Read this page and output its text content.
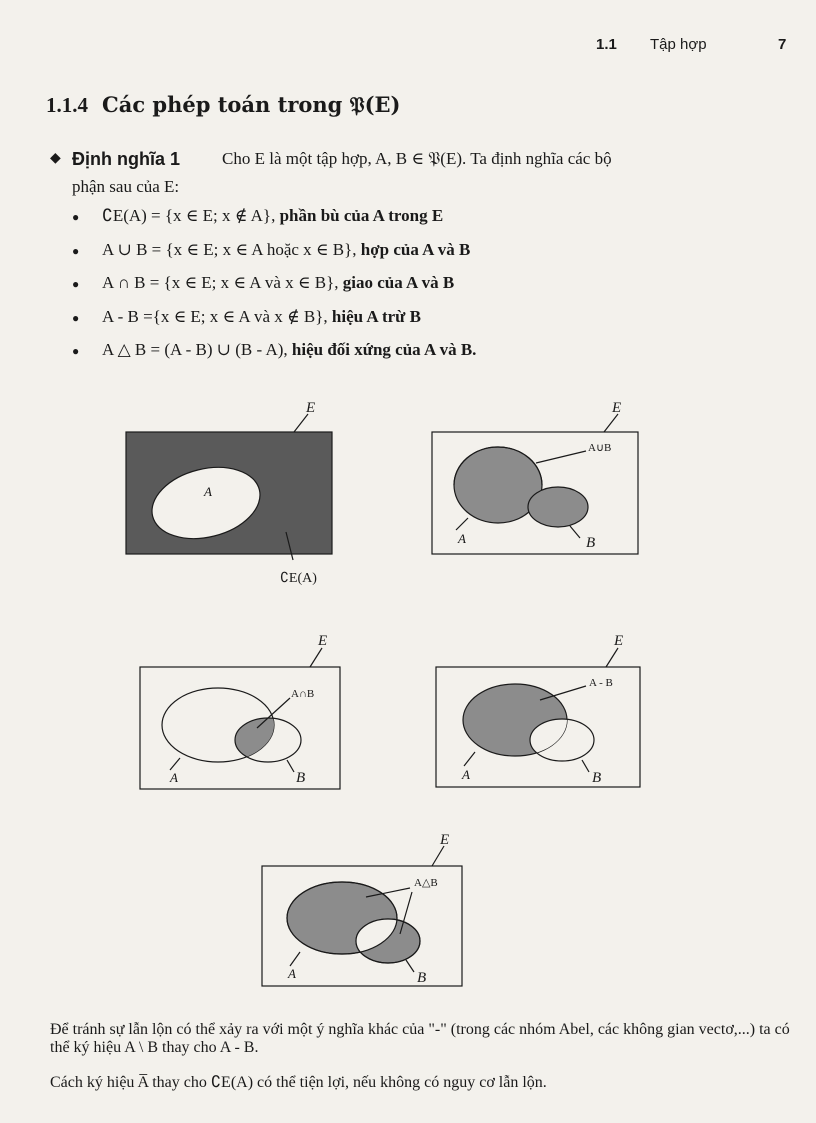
1.1 Tập hợp	7
1.1.4 Các phép toán trong 𝔓(E)
◆ Định nghĩa 1 Cho E là một tập hợp, A, B ∈ 𝔓(E). Ta định nghĩa các bộ
phận sau của E:
● ∁E(A) = {x ∈ E; x ∉ A}, phần bù của A trong E
● A ∪ B = {x ∈ E; x ∈ A hoặc x ∈ B}, hợp của A và B
● A ∩ B = {x ∈ E; x ∈ A và x ∈ B}, giao của A và B
● A - B ={x ∈ E; x ∈ A và x ∉ B}, hiệu A trừ B
● A △ B = (A - B) ∪ (B - A), hiệu đối xứng của A và B.
E
A
∁E(A)
E
A∪B
A	B
E
A∩B
A	B
E
A - B
A	B
E
A△B
A	B
Để tránh sự lẫn lộn có thể xảy ra với một ý nghĩa khác của "-" (trong các nhóm Abel, các không gian vectơ,...) ta có thể ký hiệu A \ B thay cho A - B.
Cách ký hiệu A̅ thay cho ∁E(A) có thể tiện lợi, nếu không có nguy cơ lẫn lộn.
